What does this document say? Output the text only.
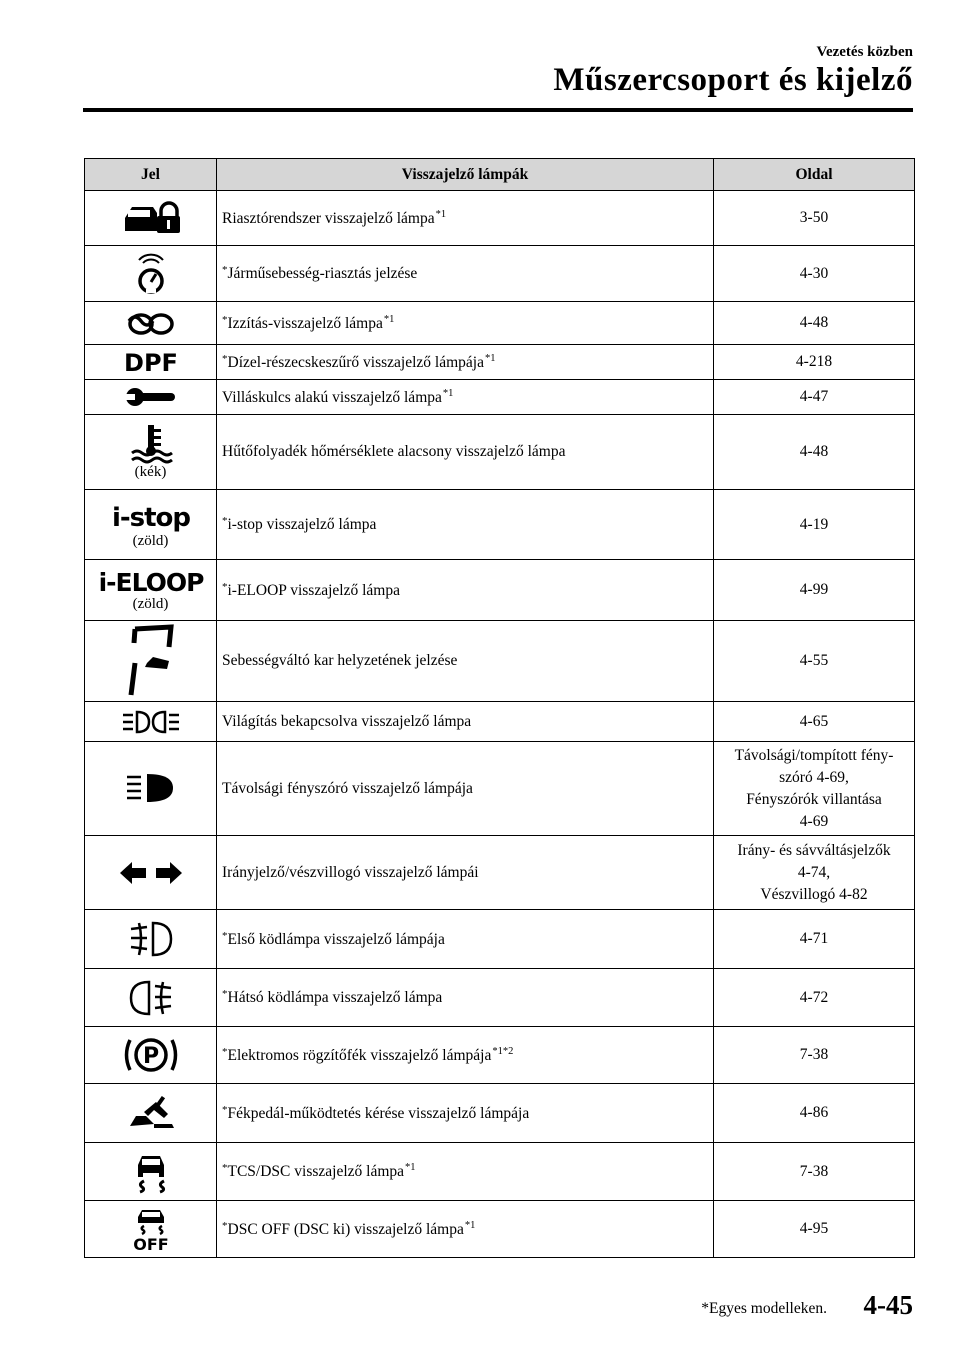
Vezetés közben
Műszercsoport és kijelző
Jel	Visszajelző lámpák	Oldal

	Riasztórendszer visszajelző lámpa$^{*1}$	3-50

	*Járműsebesség-riasztás jelzése	4-30

	*Izzítás-visszajelző lámpa$^{*1}$	4-48

DPF	*Dízel-részecskeszűrő visszajelző lámpája$^{*1}$	4-218

	Villáskulcs alakú visszajelző lámpa$^{*1}$	4-47

(kék)	Hűtőfolyadék hőmérséklete alacsony visszajelző lámpa	4-48

i-stop
(zöld)	*i-stop visszajelző lámpa	4-19

i-ELOOP
(zöld)	*i-ELOOP visszajelző lámpa	4-99

	Sebességváltó kar helyzetének jelzése	4-55

	Világítás bekapcsolva visszajelző lámpa	4-65

	Távolsági fényszóró visszajelző lámpája	Távolsági/tompított fény-
szóró 4-69,
Fényszórók villantása
4-69

	Irányjelző/vészvillogó visszajelző lámpái	Irány- és sávváltásjelzők
4-74,
Vészvillogó 4-82

	*Első ködlámpa visszajelző lámpája	4-71

	*Hátsó ködlámpa visszajelző lámpa	4-72

P	*Elektromos rögzítőfék visszajelző lámpája$^{*1*2}$	7-38

	*Fékpedál-működtetés kérése visszajelző lámpája	4-86

	*TCS/DSC visszajelző lámpa$^{*1}$	7-38

OFF	*DSC OFF (DSC ki) visszajelző lámpa$^{*1}$	4-95
*Egyes modelleken. 4-45
